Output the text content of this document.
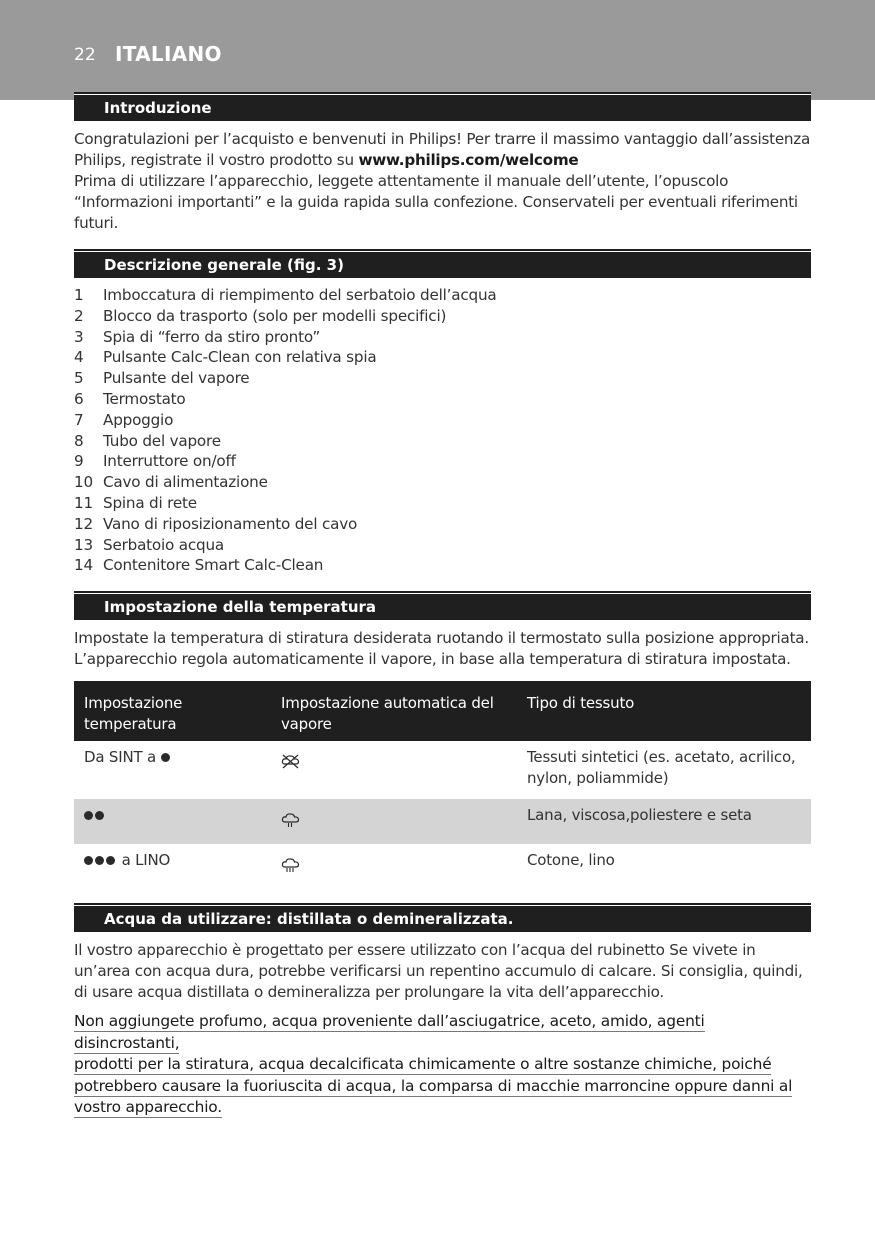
22 ITALIANO
Introduzione

Congratulazioni per l’acquisto e benvenuti in Philips! Per trarre il massimo vantaggio dall’assistenza Philips, registrate il vostro prodotto su www.philips.com/welcome

Prima di utilizzare l’apparecchio, leggete attentamente il manuale dell’utente, l’opuscolo “Informazioni importanti” e la guida rapida sulla confezione. Conservateli per eventuali riferimenti futuri.

Descrizione generale (fig. 3)
1	Imboccatura di riempimento del serbatoio dell’acqua
2	Blocco da trasporto (solo per modelli specifici)
3	Spia di “ferro da stiro pronto”
4	Pulsante Calc-Clean con relativa spia
5	Pulsante del vapore
6	Termostato
7	Appoggio
8	Tubo del vapore
9	Interruttore on/off
10 Cavo di alimentazione
11 Spina di rete
12 Vano di riposizionamento del cavo
13 Serbatoio acqua
14 Contenitore Smart Calc-Clean
Impostazione della temperatura

Impostate la temperatura di stiratura desiderata ruotando il termostato sulla posizione appropriata. L’apparecchio regola automaticamente il vapore, in base alla temperatura di stiratura impostata.

Impostazione temperatura	Impostazione automatica del vapore	Tipo di tessuto
Da SINT a		Tessuti sintetici (es. acetato, acrilico, nylon, poliammide)
		Lana, viscosa,poliestere e seta
a LINO		Cotone, lino
Acqua da utilizzare: distillata o demineralizzata.

Il vostro apparecchio è progettato per essere utilizzato con l’acqua del rubinetto Se vivete in un’area con acqua dura, potrebbe verificarsi un repentino accumulo di calcare. Si consiglia, quindi, di usare acqua distillata o demineralizza per prolungare la vita dell’apparecchio.

Non aggiungete profumo, acqua proveniente dall’asciugatrice, aceto, amido, agenti disincrostanti,
prodotti per la stiratura, acqua decalcificata chimicamente o altre sostanze chimiche, poiché
potrebbero causare la fuoriuscita di acqua, la comparsa di macchie marroncine oppure danni al
vostro apparecchio.
